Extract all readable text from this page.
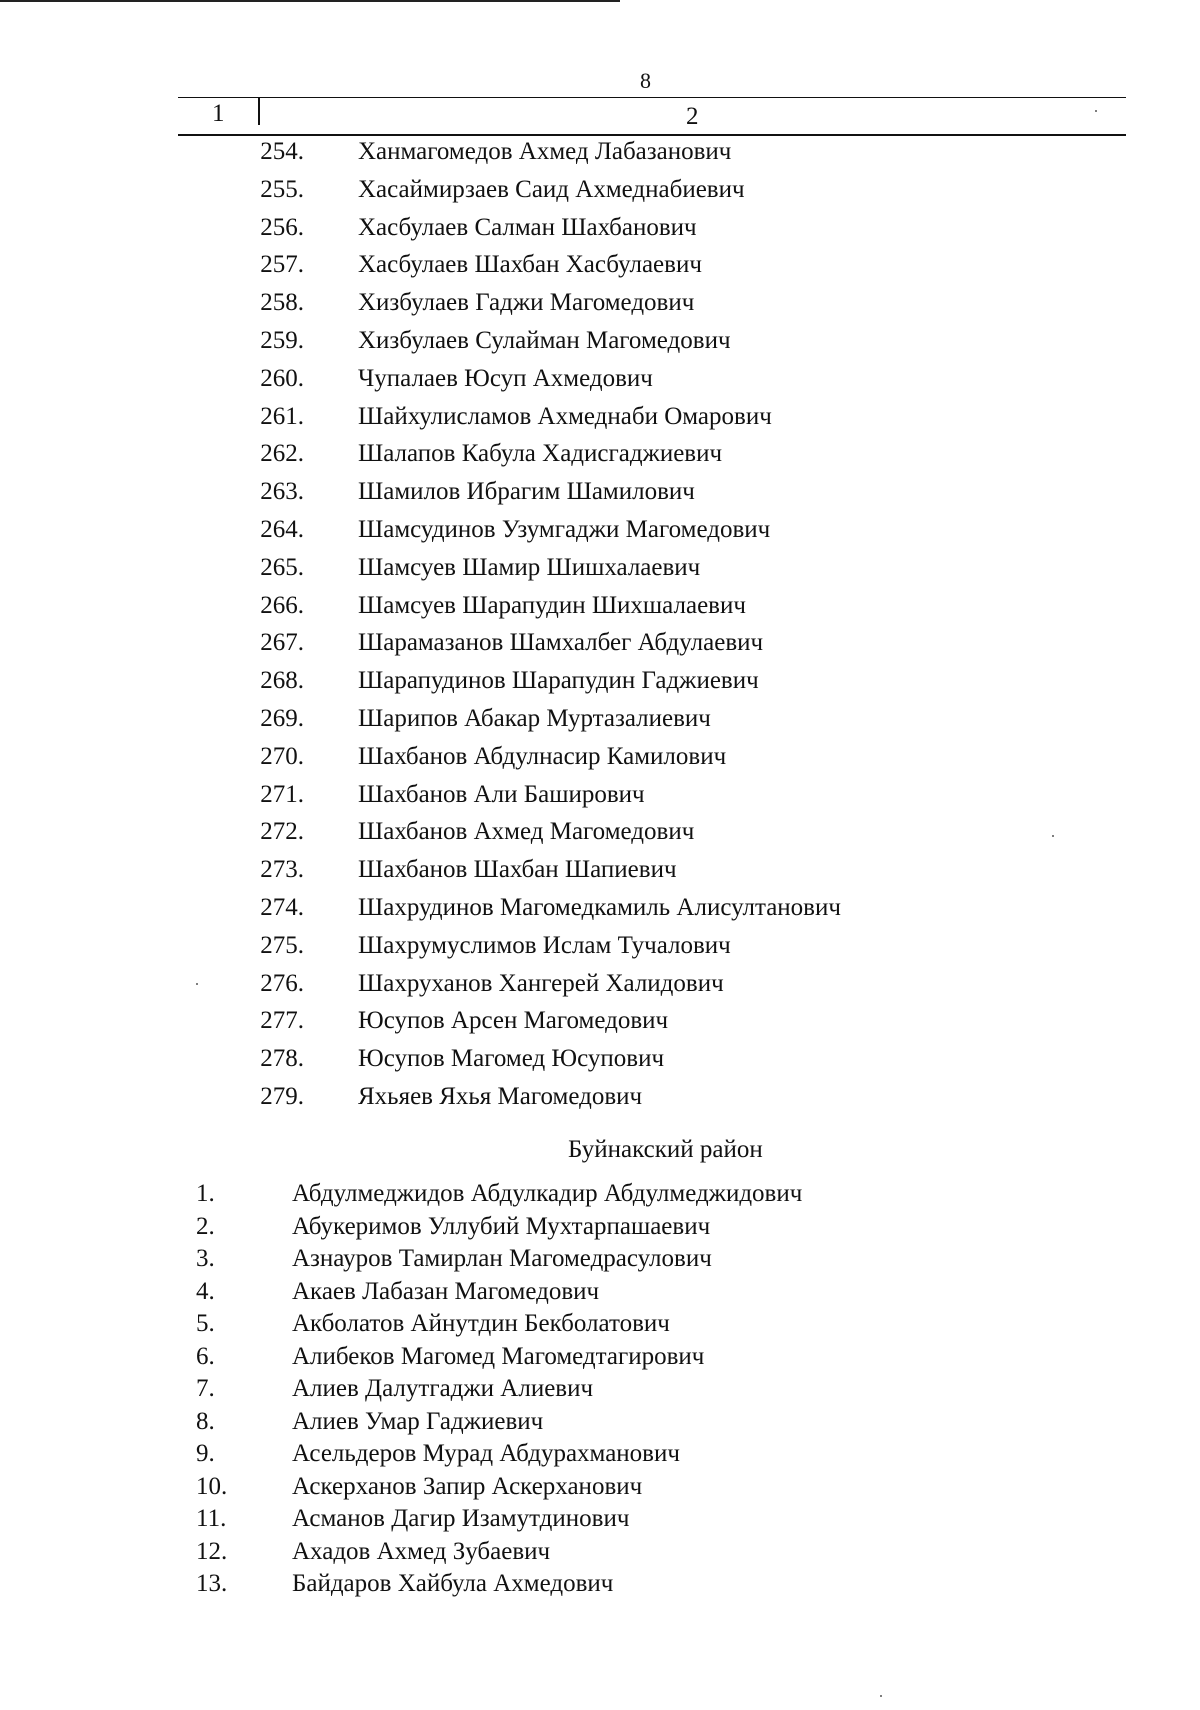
8
1	2
254. Ханмагомедов Ахмед Лабазанович
255. Хасаймирзаев Саид Ахмеднабиевич
256. Хасбулаев Салман Шахбанович
257. Хасбулаев Шахбан Хасбулаевич
258. Хизбулаев Гаджи Магомедович
259. Хизбулаев Сулайман Магомедович
260. Чупалаев Юсуп Ахмедович
261. Шайхулисламов Ахмеднаби Омарович
262. Шалапов Кабула Хадисгаджиевич
263. Шамилов Ибрагим Шамилович
264. Шамсудинов Узумгаджи Магомедович
265. Шамсуев Шамир Шишхалаевич
266. Шамсуев Шарапудин Шихшалаевич
267. Шарамазанов Шамхалбег Абдулаевич
268. Шарапудинов Шарапудин Гаджиевич
269. Шарипов Абакар Муртазалиевич
270. Шахбанов Абдулнасир Камилович
271. Шахбанов Али Баширович
272. Шахбанов Ахмед Магомедович
273. Шахбанов Шахбан Шапиевич
274. Шахрудинов Магомедкамиль Алисултанович
275. Шахрумуслимов Ислам Тучалович
276. Шахруханов Хангерей Халидович
277. Юсупов Арсен Магомедович
278. Юсупов Магомед Юсупович
279. Яхьяев Яхья Магомедович
Буйнакский район
1.	Абдулмеджидов Абдулкадир Абдулмеджидович
2.	Абукеримов Уллубий Мухтарпашаевич
3.	Азнауров Тамирлан Магомедрасулович
4.	Акаев Лабазан Магомедович
5.	Акболатов Айнутдин Бекболатович
6.	Алибеков Магомед Магомедтагирович
7.	Алиев Далутгаджи Алиевич
8.	Алиев Умар Гаджиевич
9.	Асельдеров Мурад Абдурахманович
10.	Аскерханов Запир Аскерханович
11.	Асманов Дагир Изамутдинович
12.	Ахадов Ахмед Зубаевич
13.	Байдаров Хайбула Ахмедович
